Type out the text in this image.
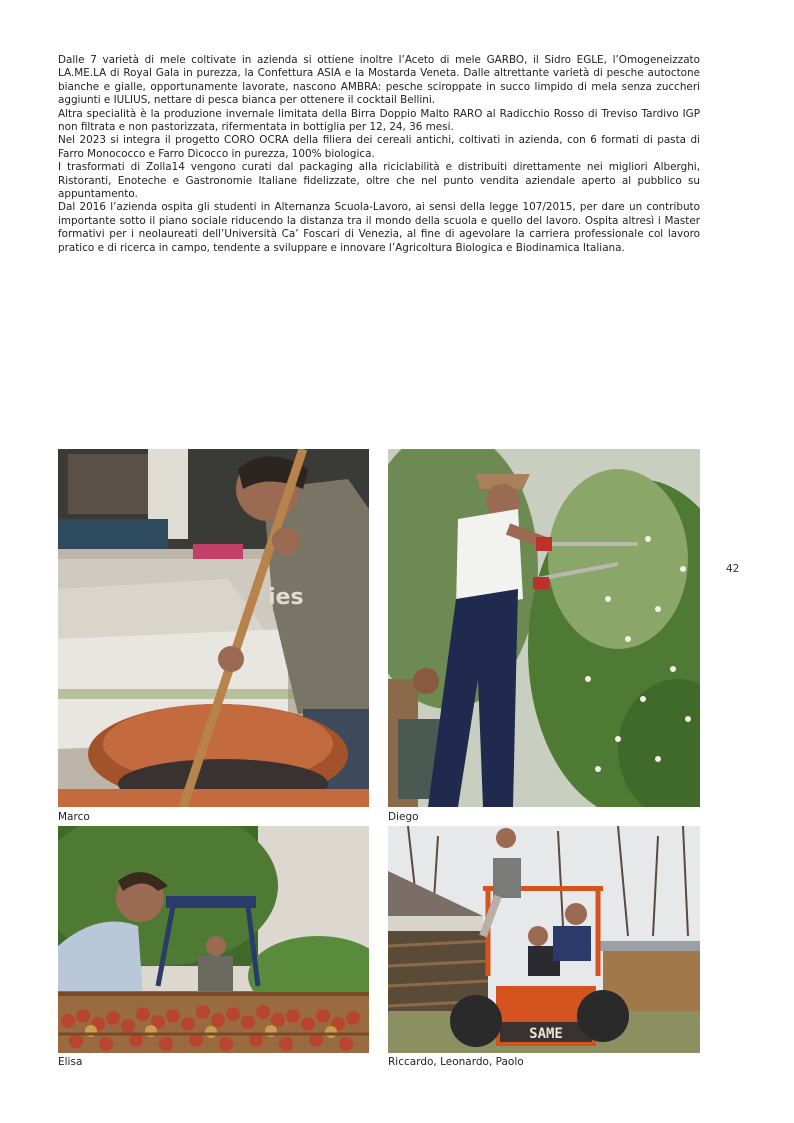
Dalle 7 varietà di mele coltivate in azienda si ottiene inoltre l’Aceto di mele GARBO, il Sidro EGLE, l’Omogeneizzato LA.ME.LA di Royal Gala in purezza, la Confettura ASIA e la Mostarda Veneta. Dalle altrettante varietà di pesche autoctone bianche e gialle, opportunamente lavorate, nascono AMBRA: pesche sciroppate in succo limpido di mela senza zuccheri aggiunti e IULIUS, nettare di pesca bianca per ottenere il cocktail Bellini.

Altra specialità è la produzione invernale limitata della Birra Doppio Malto RARO al Radicchio Rosso di Treviso Tardivo IGP non filtrata e non pastorizzata, rifermentata in bottiglia per 12, 24, 36 mesi.

Nel 2023 si integra il progetto CORO OCRA della filiera dei cereali antichi, coltivati in azienda, con 6 formati di pasta di Farro Monococco e Farro Dicocco in purezza, 100% biologica.

I trasformati di Zolla14 vengono curati dal packaging alla riciclabilità e distribuiti direttamente nei migliori Alberghi, Ristoranti, Enoteche e Gastronomie Italiane fidelizzate, oltre che nel punto vendita aziendale aperto al pubblico su appuntamento.

Dal 2016 l’azienda ospita gli studenti in Alternanza Scuola-Lavoro, ai sensi della legge 107/2015, per dare un contributo importante sotto il piano sociale riducendo la distanza tra il mondo della scuola e quello del lavoro. Ospita altresì i Master formativi per i neolaureati dell’Università Ca’ Foscari di Venezia, al fine di agevolare la carriera professionale col lavoro pratico e di ricerca in campo, tendente a sviluppare e innovare l’Agricoltura Biologica e Biodinamica Italiana.

ies
Marco	Diego
Elisa
SAME
Riccardo, Leonardo, Paolo
42
